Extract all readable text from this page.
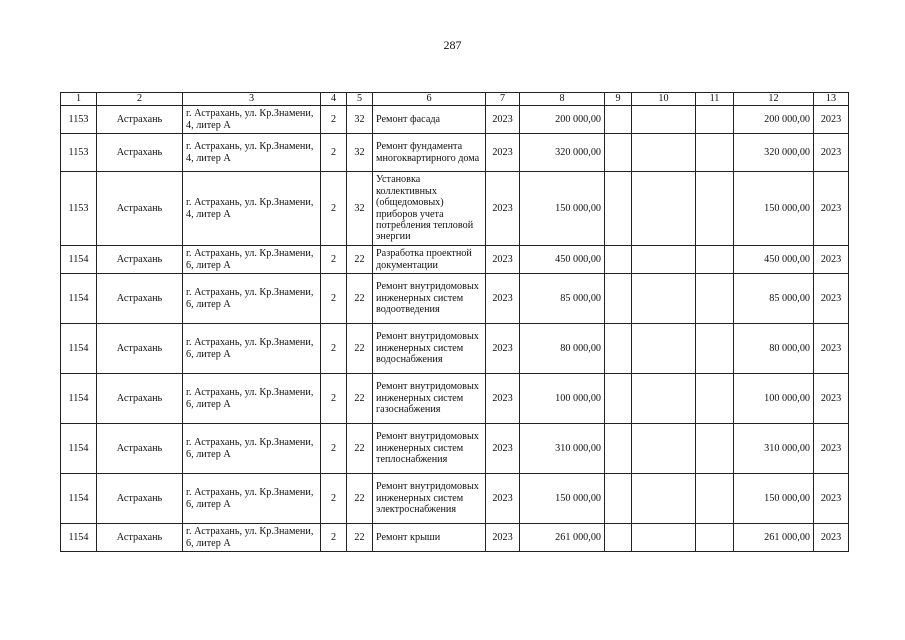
287
1	2	3	4	5	6	7	8	9	10	11	12	13
1153	Астрахань	г. Астрахань, ул. Кр.Знамени, 4, литер А	2	32	Ремонт фасада	2023	200 000,00				200 000,00	2023
1153	Астрахань	г. Астрахань, ул. Кр.Знамени, 4, литер А	2	32	Ремонт фундамента многоквартирного дома	2023	320 000,00				320 000,00	2023
1153	Астрахань	г. Астрахань, ул. Кр.Знамени, 4, литер А	2	32	Установка коллективных (общедомовых) приборов учета потребления тепловой энергии	2023	150 000,00				150 000,00	2023
1154	Астрахань	г. Астрахань, ул. Кр.Знамени, 6, литер А	2	22	Разработка проектной документации	2023	450 000,00				450 000,00	2023
1154	Астрахань	г. Астрахань, ул. Кр.Знамени, 6, литер А	2	22	Ремонт внутридомовых инженерных систем водоотведения	2023	85 000,00				85 000,00	2023
1154	Астрахань	г. Астрахань, ул. Кр.Знамени, 6, литер А	2	22	Ремонт внутридомовых инженерных систем водоснабжения	2023	80 000,00				80 000,00	2023
1154	Астрахань	г. Астрахань, ул. Кр.Знамени, 6, литер А	2	22	Ремонт внутридомовых инженерных систем газоснабжения	2023	100 000,00				100 000,00	2023
1154	Астрахань	г. Астрахань, ул. Кр.Знамени, 6, литер А	2	22	Ремонт внутридомовых инженерных систем теплоснабжения	2023	310 000,00				310 000,00	2023
1154	Астрахань	г. Астрахань, ул. Кр.Знамени, 6, литер А	2	22	Ремонт внутридомовых инженерных систем электроснабжения	2023	150 000,00				150 000,00	2023
1154	Астрахань	г. Астрахань, ул. Кр.Знамени, 6, литер А	2	22	Ремонт крыши	2023	261 000,00				261 000,00	2023
